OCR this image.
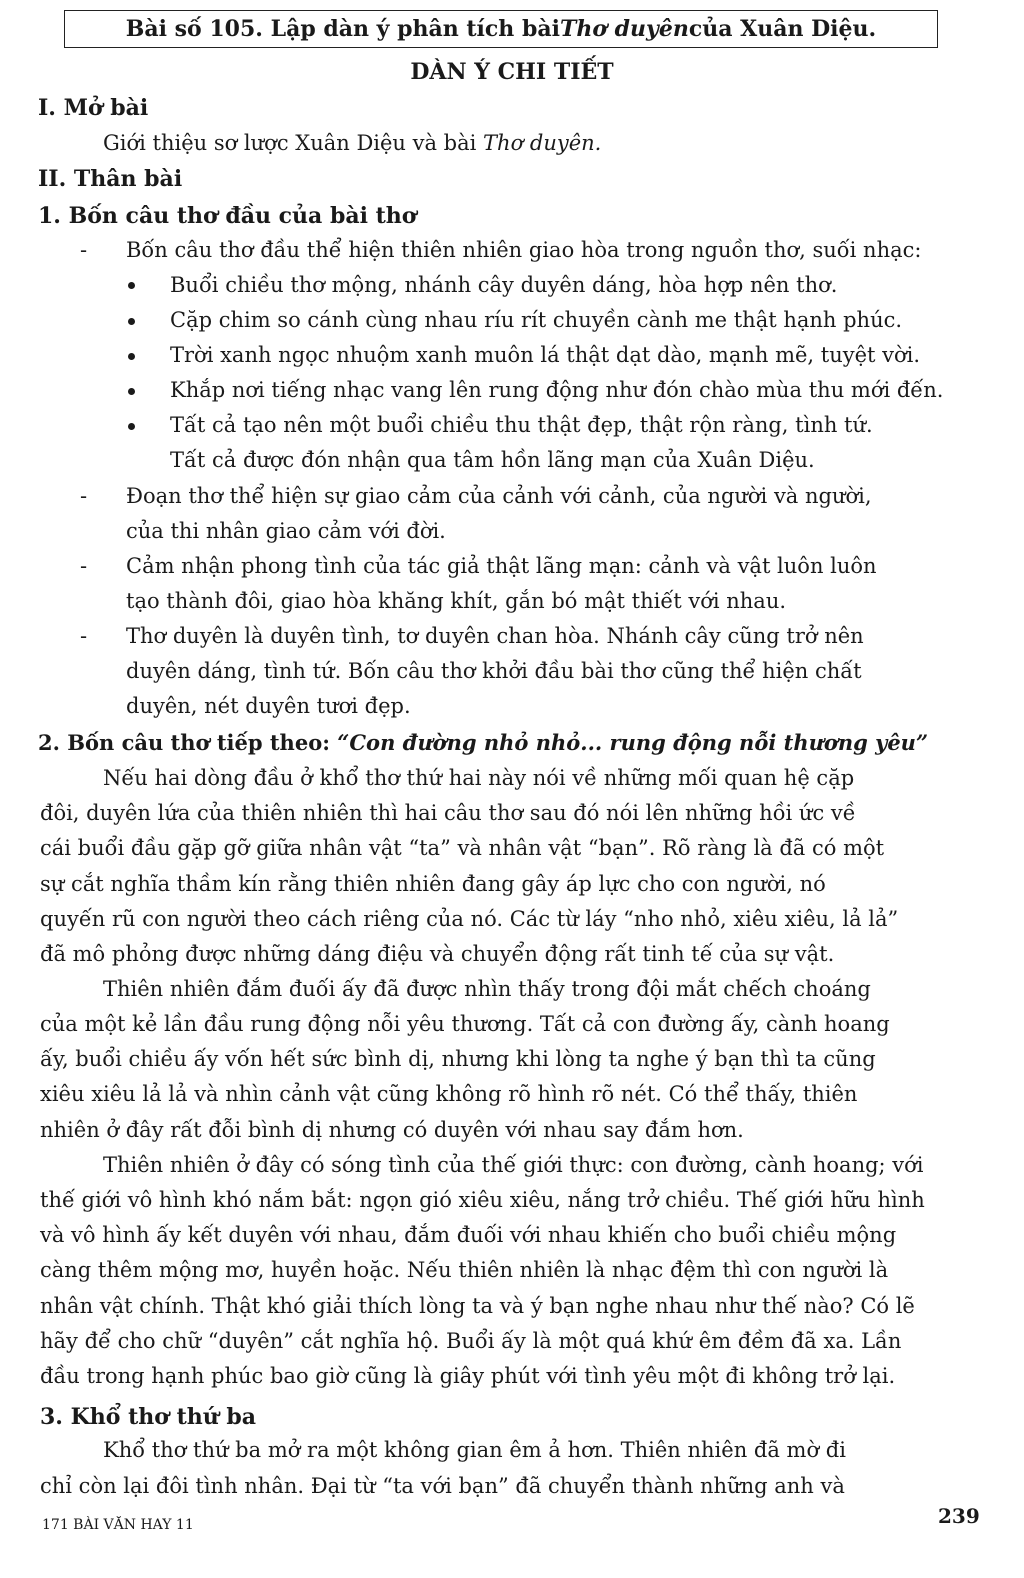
Bài số 105. Lập dàn ý phân tích bài Thơ duyên của Xuân Diệu.
DÀN Ý CHI TIẾT
I. Mở bài
Giới thiệu sơ lược Xuân Diệu và bài Thơ duyên.
II. Thân bài
1. Bốn câu thơ đầu của bài thơ
- Bốn câu thơ đầu thể hiện thiên nhiên giao hòa trong nguồn thơ, suối nhạc:
Buổi chiều thơ mộng, nhánh cây duyên dáng, hòa hợp nên thơ.
Cặp chim so cánh cùng nhau ríu rít chuyền cành me thật hạnh phúc.
Trời xanh ngọc nhuộm xanh muôn lá thật dạt dào, mạnh mẽ, tuyệt vời.
Khắp nơi tiếng nhạc vang lên rung động như đón chào mùa thu mới đến.
Tất cả tạo nên một buổi chiều thu thật đẹp, thật rộn ràng, tình tứ.
Tất cả được đón nhận qua tâm hồn lãng mạn của Xuân Diệu.
- Đoạn thơ thể hiện sự giao cảm của cảnh với cảnh, của người và người,
của thi nhân giao cảm với đời.
- Cảm nhận phong tình của tác giả thật lãng mạn: cảnh và vật luôn luôn
tạo thành đôi, giao hòa khăng khít, gắn bó mật thiết với nhau.
- Thơ duyên là duyên tình, tơ duyên chan hòa. Nhánh cây cũng trở nên
duyên dáng, tình tứ. Bốn câu thơ khởi đầu bài thơ cũng thể hiện chất
duyên, nét duyên tươi đẹp.
2. Bốn câu thơ tiếp theo: “Con đường nhỏ nhỏ... rung động nỗi thương yêu”
Nếu hai dòng đầu ở khổ thơ thứ hai này nói về những mối quan hệ cặp
đôi, duyên lứa của thiên nhiên thì hai câu thơ sau đó nói lên những hồi ức về
cái buổi đầu gặp gỡ giữa nhân vật “ta” và nhân vật “bạn”. Rõ ràng là đã có một
sự cắt nghĩa thầm kín rằng thiên nhiên đang gây áp lực cho con người, nó
quyến rũ con người theo cách riêng của nó. Các từ láy “nho nhỏ, xiêu xiêu, lả lả”
đã mô phỏng được những dáng điệu và chuyển động rất tinh tế của sự vật.
Thiên nhiên đắm đuối ấy đã được nhìn thấy trong đội mắt chếch choáng
của một kẻ lần đầu rung động nỗi yêu thương. Tất cả con đường ấy, cành hoang
ấy, buổi chiều ấy vốn hết sức bình dị, nhưng khi lòng ta nghe ý bạn thì ta cũng
xiêu xiêu lả lả và nhìn cảnh vật cũng không rõ hình rõ nét. Có thể thấy, thiên
nhiên ở đây rất đỗi bình dị nhưng có duyên với nhau say đắm hơn.
Thiên nhiên ở đây có sóng tình của thế giới thực: con đường, cành hoang; với
thế giới vô hình khó nắm bắt: ngọn gió xiêu xiêu, nắng trở chiều. Thế giới hữu hình
và vô hình ấy kết duyên với nhau, đắm đuối với nhau khiến cho buổi chiều mộng
càng thêm mộng mơ, huyền hoặc. Nếu thiên nhiên là nhạc đệm thì con người là
nhân vật chính. Thật khó giải thích lòng ta và ý bạn nghe nhau như thế nào? Có lẽ
hãy để cho chữ “duyên” cắt nghĩa hộ. Buổi ấy là một quá khứ êm đềm đã xa. Lần
đầu trong hạnh phúc bao giờ cũng là giây phút với tình yêu một đi không trở lại.
3. Khổ thơ thứ ba
Khổ thơ thứ ba mở ra một không gian êm ả hơn. Thiên nhiên đã mờ đi
chỉ còn lại đôi tình nhân. Đại từ “ta với bạn” đã chuyển thành những anh và
171 BÀI VĂN HAY 11	239
